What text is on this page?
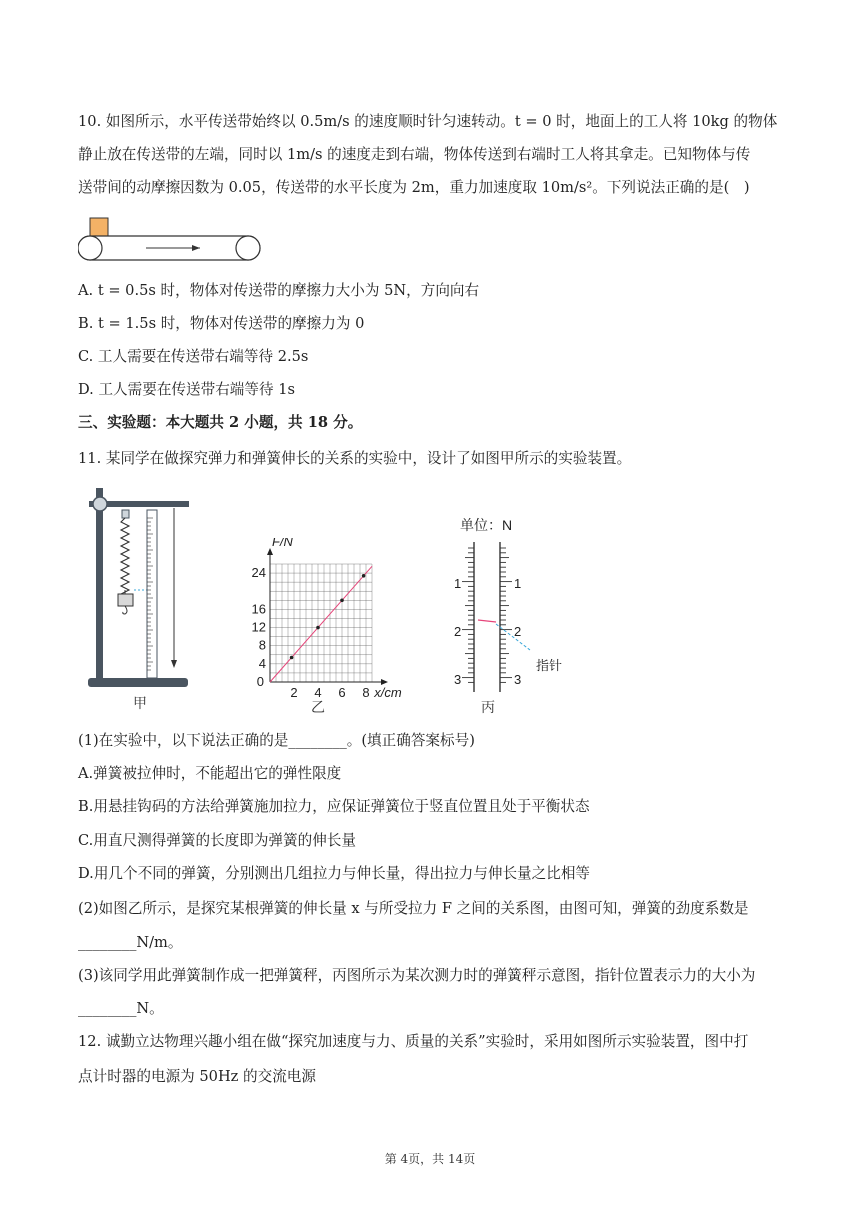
10. 如图所示，水平传送带始终以 0.5m/s 的速度顺时针匀速转动。t = 0 时，地面上的工人将 10kg 的物体
静止放在传送带的左端，同时以 1m/s 的速度走到右端，物体传送到右端时工人将其拿走。已知物体与传
送带间的动摩擦因数为 0.05，传送带的水平长度为 2m，重力加速度取 10m/s²。下列说法正确的是(　)
A. t = 0.5s 时，物体对传送带的摩擦力大小为 5N，方向向右
B. t = 1.5s 时，物体对传送带的摩擦力为 0
C. 工人需要在传送带右端等待 2.5s
D. 工人需要在传送带右端等待 1s
三、实验题：本大题共 2 小题，共 18 分。
11. 某同学在做探究弹力和弹簧伸长的关系的实验中，设计了如图甲所示的实验装置。
甲
2 4 6 8
4
8
12
16
24
0
x/cm
F/N
乙
单位：N
1
2
3
1
2
3
指针
丙
(1)在实验中，以下说法正确的是________。(填正确答案标号)
A.弹簧被拉伸时，不能超出它的弹性限度
B.用悬挂钩码的方法给弹簧施加拉力，应保证弹簧位于竖直位置且处于平衡状态
C.用直尺测得弹簧的长度即为弹簧的伸长量
D.用几个不同的弹簧，分别测出几组拉力与伸长量，得出拉力与伸长量之比相等
(2)如图乙所示，是探究某根弹簧的伸长量 x 与所受拉力 F 之间的关系图，由图可知，弹簧的劲度系数是
________N/m。
(3)该同学用此弹簧制作成一把弹簧秤，丙图所示为某次测力时的弹簧秤示意图，指针位置表示力的大小为
________N。
12. 诚勤立达物理兴趣小组在做“探究加速度与力、质量的关系”实验时，采用如图所示实验装置，图中打
点计时器的电源为 50Hz 的交流电源
第 4页，共 14页
